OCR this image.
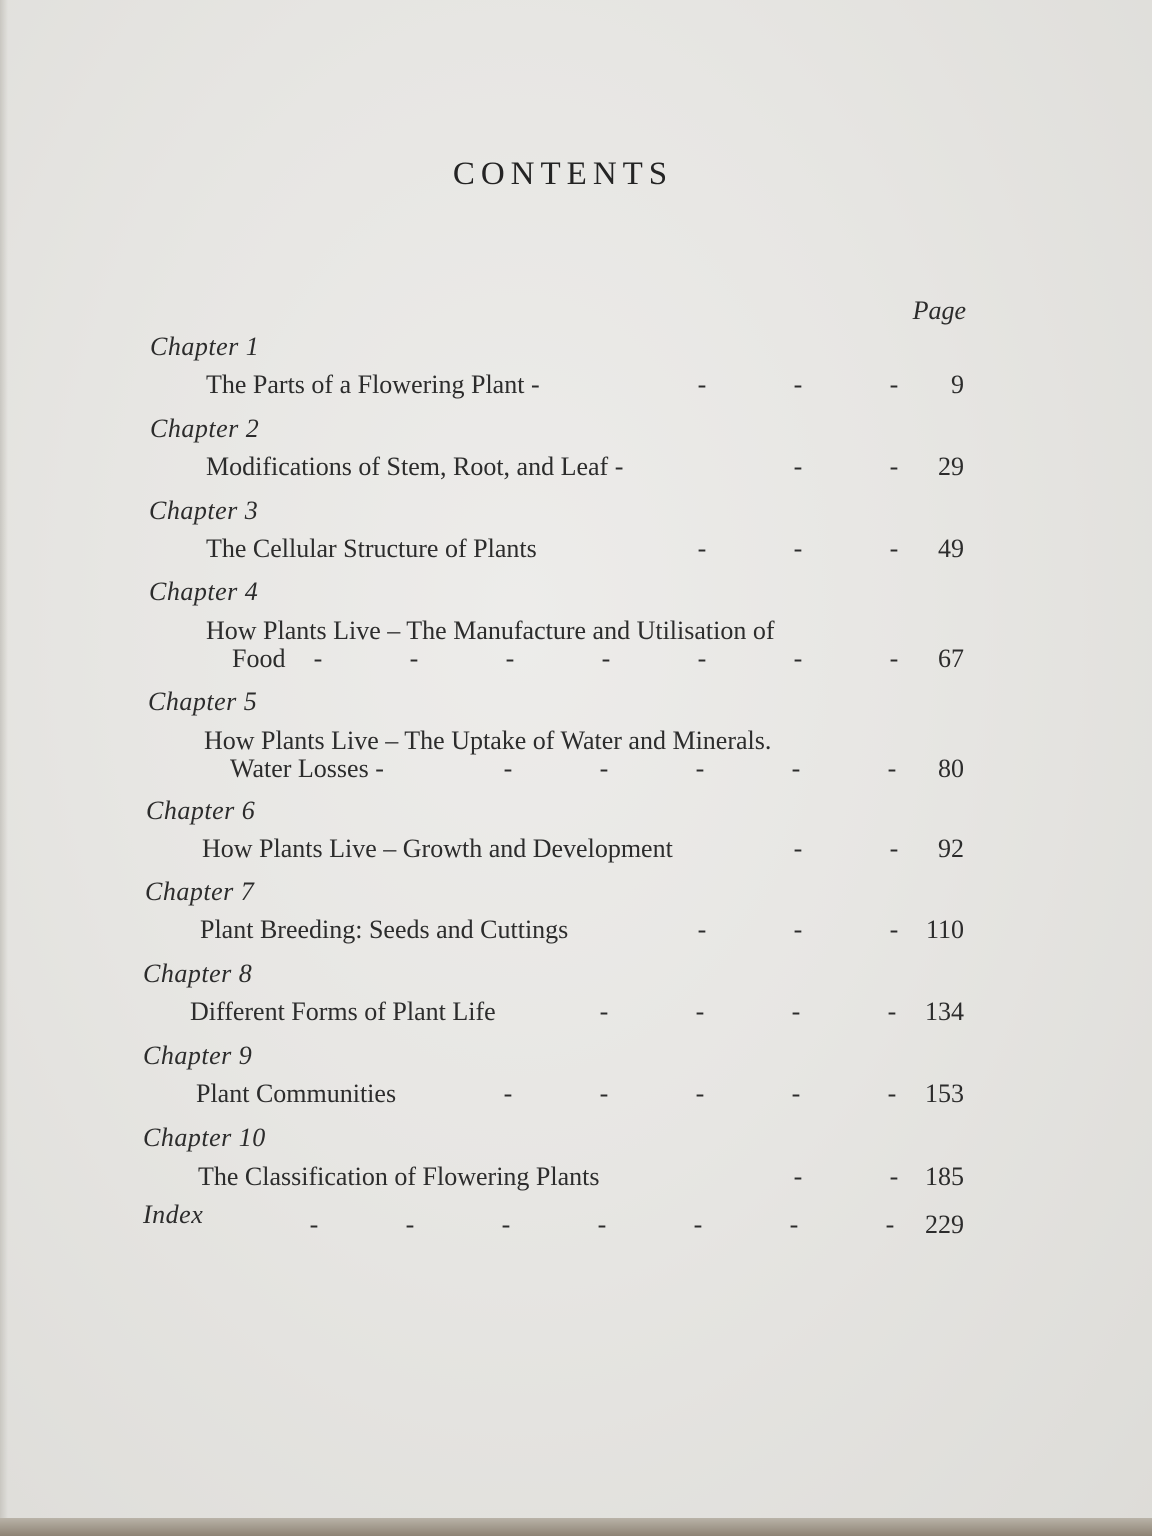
CONTENTS
Page
Chapter 1
The Parts of a Flowering Plant -	-	-	-	9
Chapter 2
Modifications of Stem, Root, and Leaf -	-	-	29
Chapter 3
The Cellular Structure of Plants	-	-	-	49
Chapter 4
How Plants Live – The Manufacture and Utilisation of
Food	-	-	-	-	-	-	-	67
Chapter 5
How Plants Live – The Uptake of Water and Minerals.
Water Losses -	-	-	-	-	-	80
Chapter 6
How Plants Live – Growth and Development	-	-	92
Chapter 7
Plant Breeding: Seeds and Cuttings	-	-	-	110
Chapter 8
Different Forms of Plant Life	-	-	-	-	134
Chapter 9
Plant Communities	-	-	-	-	-	153
Chapter 10
The Classification of Flowering Plants	-	-	185
Index	-	-	-	-	-	-	-	229
